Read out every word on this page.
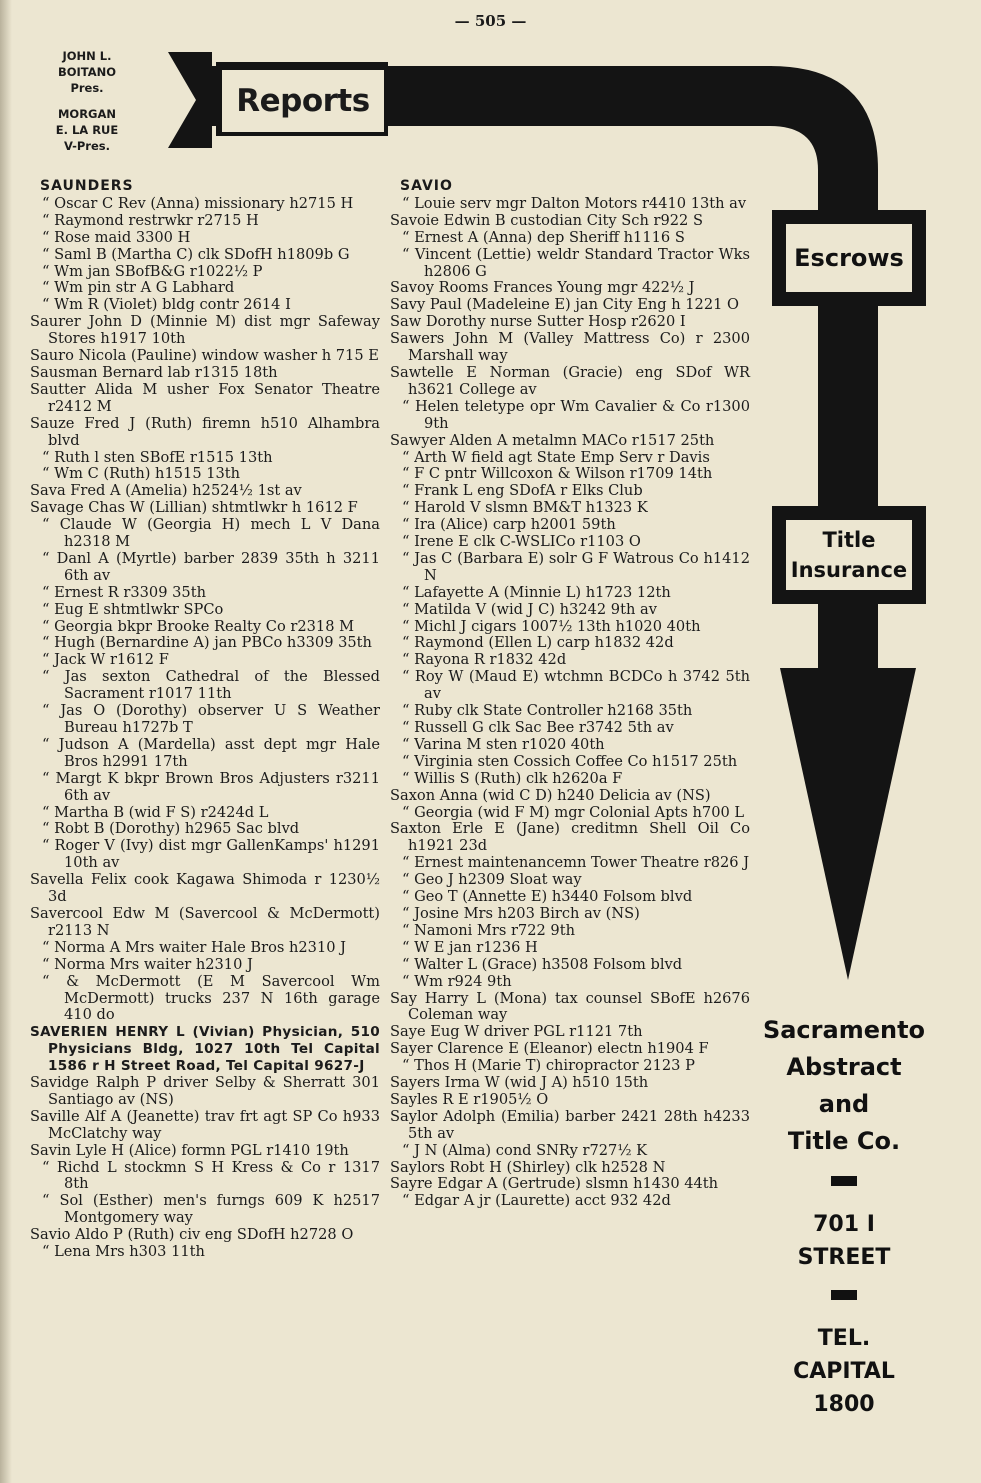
— 505 —
JOHN L.
BOITANO
Pres.
MORGAN
E. LA RUE
V-Pres.
Reports
Escrows
Title
Insurance
SAUNDERS
“ Oscar C Rev (Anna) missionary h2715 H
“ Raymond restrwkr r2715 H
“ Rose maid 3300 H
“ Saml B (Martha C) clk SDofH h1809b G
“ Wm jan SBofB&G r1022½ P
“ Wm pin str A G Labhard
“ Wm R (Violet) bldg contr 2614 I
Saurer John D (Minnie M) dist mgr Safeway Stores h1917 10th
Sauro Nicola (Pauline) window washer h 715 E
Sausman Bernard lab r1315 18th
Sautter Alida M usher Fox Senator Theatre r2412 M
Sauze Fred J (Ruth) firemn h510 Alhambra blvd
“ Ruth l sten SBofE r1515 13th
“ Wm C (Ruth) h1515 13th
Sava Fred A (Amelia) h2524½ 1st av
Savage Chas W (Lillian) shtmtlwkr h 1612 F
“ Claude W (Georgia H) mech L V Dana h2318 M
“ Danl A (Myrtle) barber 2839 35th h 3211 6th av
“ Ernest R r3309 35th
“ Eug E shtmtlwkr SPCo
“ Georgia bkpr Brooke Realty Co r2318 M
“ Hugh (Bernardine A) jan PBCo h3309 35th
“ Jack W r1612 F
“ Jas sexton Cathedral of the Blessed Sacrament r1017 11th
“ Jas O (Dorothy) observer U S Weather Bureau h1727b T
“ Judson A (Mardella) asst dept mgr Hale Bros h2991 17th
“ Margt K bkpr Brown Bros Adjusters r3211 6th av
“ Martha B (wid F S) r2424d L
“ Robt B (Dorothy) h2965 Sac blvd
“ Roger V (Ivy) dist mgr GallenKamps' h1291 10th av
Savella Felix cook Kagawa Shimoda r 1230½ 3d
Savercool Edw M (Savercool & McDermott) r2113 N
“ Norma A Mrs waiter Hale Bros h2310 J
“ Norma Mrs waiter h2310 J
“ & McDermott (E M Savercool Wm McDermott) trucks 237 N 16th garage 410 do
SAVERIEN HENRY L (Vivian) Physician, 510 Physicians Bldg, 1027 10th Tel Capital 1586 r H Street Road, Tel Capital 9627-J
Savidge Ralph P driver Selby & Sherratt 301 Santiago av (NS)
Saville Alf A (Jeanette) trav frt agt SP Co h933 McClatchy way
Savin Lyle H (Alice) formn PGL r1410 19th
“ Richd L stockmn S H Kress & Co r 1317 8th
“ Sol (Esther) men's furngs 609 K h2517 Montgomery way
Savio Aldo P (Ruth) civ eng SDofH h2728 O
“ Lena Mrs h303 11th
SAVIO
“ Louie serv mgr Dalton Motors r4410 13th av
Savoie Edwin B custodian City Sch r922 S
“ Ernest A (Anna) dep Sheriff h1116 S
“ Vincent (Lettie) weldr Standard Tractor Wks h2806 G
Savoy Rooms Frances Young mgr 422½ J
Savy Paul (Madeleine E) jan City Eng h 1221 O
Saw Dorothy nurse Sutter Hosp r2620 I
Sawers John M (Valley Mattress Co) r 2300 Marshall way
Sawtelle E Norman (Gracie) eng SDof WR h3621 College av
“ Helen teletype opr Wm Cavalier & Co r1300 9th
Sawyer Alden A metalmn MACo r1517 25th
“ Arth W field agt State Emp Serv r Davis
“ F C pntr Willcoxon & Wilson r1709 14th
“ Frank L eng SDofA r Elks Club
“ Harold V slsmn BM&T h1323 K
“ Ira (Alice) carp h2001 59th
“ Irene E clk C-WSLICo r1103 O
“ Jas C (Barbara E) solr G F Watrous Co h1412 N
“ Lafayette A (Minnie L) h1723 12th
“ Matilda V (wid J C) h3242 9th av
“ Michl J cigars 1007½ 13th h1020 40th
“ Raymond (Ellen L) carp h1832 42d
“ Rayona R r1832 42d
“ Roy W (Maud E) wtchmn BCDCo h 3742 5th av
“ Ruby clk State Controller h2168 35th
“ Russell G clk Sac Bee r3742 5th av
“ Varina M sten r1020 40th
“ Virginia sten Cossich Coffee Co h1517 25th
“ Willis S (Ruth) clk h2620a F
Saxon Anna (wid C D) h240 Delicia av (NS)
“ Georgia (wid F M) mgr Colonial Apts h700 L
Saxton Erle E (Jane) creditmn Shell Oil Co h1921 23d
“ Ernest maintenancemn Tower Theatre r826 J
“ Geo J h2309 Sloat way
“ Geo T (Annette E) h3440 Folsom blvd
“ Josine Mrs h203 Birch av (NS)
“ Namoni Mrs r722 9th
“ W E jan r1236 H
“ Walter L (Grace) h3508 Folsom blvd
“ Wm r924 9th
Say Harry L (Mona) tax counsel SBofE h2676 Coleman way
Saye Eug W driver PGL r1121 7th
Sayer Clarence E (Eleanor) electn h1904 F
“ Thos H (Marie T) chiropractor 2123 P
Sayers Irma W (wid J A) h510 15th
Sayles R E r1905½ O
Saylor Adolph (Emilia) barber 2421 28th h4233 5th av
“ J N (Alma) cond SNRy r727½ K
Saylors Robt H (Shirley) clk h2528 N
Sayre Edgar A (Gertrude) slsmn h1430 44th
“ Edgar A jr (Laurette) acct 932 42d
Sacramento
Abstract
and
Title Co.
701 I
STREET
TEL.
CAPITAL
1800
